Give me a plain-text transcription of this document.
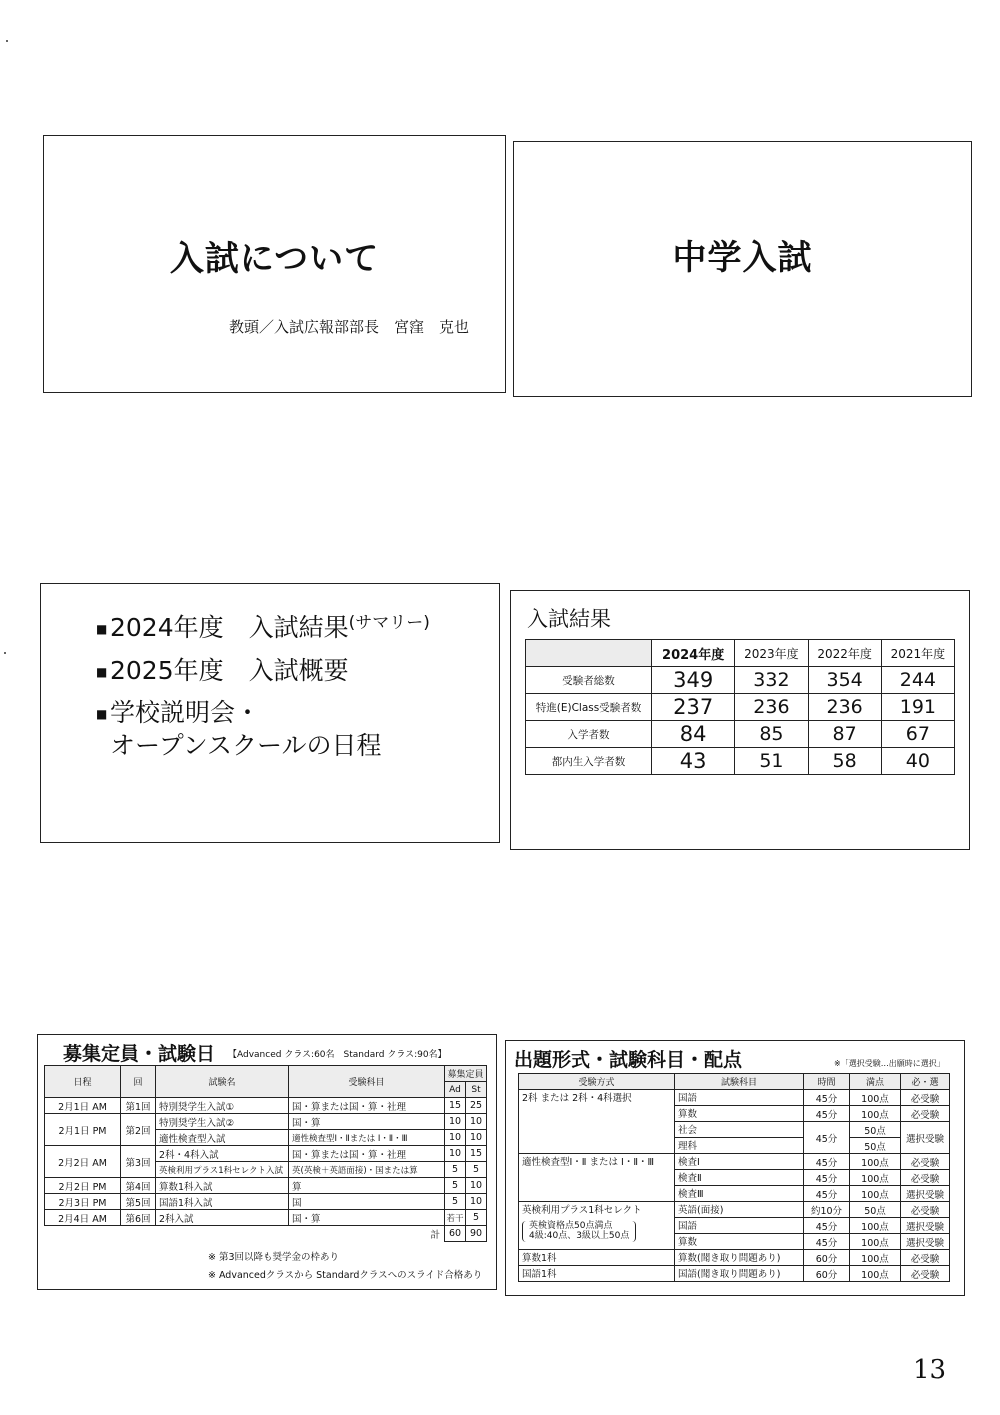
入試について
教頭／入試広報部部長　宮窪　克也
中学入試
■ 2024年度　入試結果 (サマリー)
■ 2025年度　入試概要
■ 学校説明会・
オープンスクールの日程
入試結果
	2024年度	2023年度	2022年度	2021年度
受験者総数	349	332	354	244
特進(E)Class受験者数	237	236	236	191
入学者数	84	85	87	67
都内生入学者数	43	51	58	40
募集定員・試験日 【Advanced クラス:60名　Standard クラス:90名】
日程	回	試験名	受験科目	募集定員	
				Ad	St
2月1日 AM	第1回	特別奨学生入試①	国・算または国・算・社理	15	25
2月1日 PM	第2回	特別奨学生入試②	国・算	10	10
		適性検査型入試	適性検査型Ⅰ・Ⅱまたは Ⅰ・Ⅱ・Ⅲ	10	10
2月2日 AM	第3回	2科・4科入試	国・算または国・算・社理	10	15
		英検利用プラス1科セレクト入試	英(英検＋英語面接)・国または算	5	5
2月2日 PM	第4回	算数1科入試	算	5	10
2月3日 PM	第5回	国語1科入試	国	5	10
2月4日 AM	第6回	2科入試	国・算	若干	5
計				60	90
※ 第3回以降も奨学金の枠あり
※ Advancedクラスから Standardクラスへのスライド合格あり
出題形式・試験科目・配点	※「選択受験…出願時に選択」
受験方式	試験科目	時間	満点	必・選
2科 または 2科・4科選択	国語	45分	100点	必受験
	算数	45分	100点	必受験
	社会	45分	50点	選択受験
	理科		50点	
適性検査型Ⅰ・Ⅱ または Ⅰ・Ⅱ・Ⅲ	検査Ⅰ	45分	100点	必受験
	検査Ⅱ	45分	100点	必受験
	検査Ⅲ	45分	100点	選択受験

英検利用プラス1科セレクト
英検資格点50点満点
4級:40点、3級以上50点	英語(面接)	約10分	50点	必受験
	国語	45分	100点	選択受験
	算数	45分	100点	選択受験
算数1科	算数(聞き取り問題あり)	60分	100点	必受験
国語1科	国語(聞き取り問題あり)	60分	100点	必受験
13
